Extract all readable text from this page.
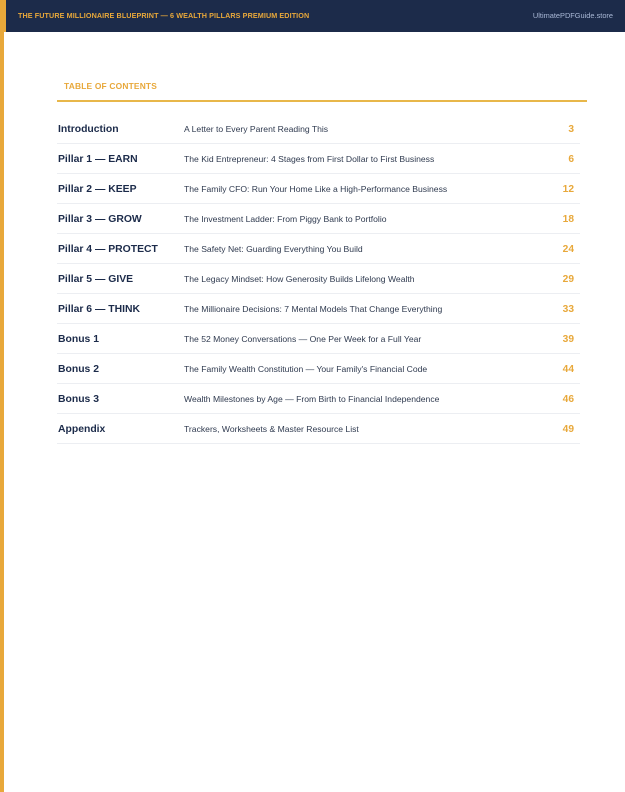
THE FUTURE MILLIONAIRE BLUEPRINT — 6 WEALTH PILLARS PREMIUM EDITION	UltimatePDFGuide.store
TABLE OF CONTENTS
Introduction	A Letter to Every Parent Reading This	3
Pillar 1 — EARN	The Kid Entrepreneur: 4 Stages from First Dollar to First Business	6
Pillar 2 — KEEP	The Family CFO: Run Your Home Like a High-Performance Business	12
Pillar 3 — GROW	The Investment Ladder: From Piggy Bank to Portfolio	18
Pillar 4 — PROTECT	The Safety Net: Guarding Everything You Build	24
Pillar 5 — GIVE	The Legacy Mindset: How Generosity Builds Lifelong Wealth	29
Pillar 6 — THINK	The Millionaire Decisions: 7 Mental Models That Change Everything	33
Bonus 1	The 52 Money Conversations — One Per Week for a Full Year	39
Bonus 2	The Family Wealth Constitution — Your Family's Financial Code	44
Bonus 3	Wealth Milestones by Age — From Birth to Financial Independence	46
Appendix	Trackers, Worksheets & Master Resource List	49
